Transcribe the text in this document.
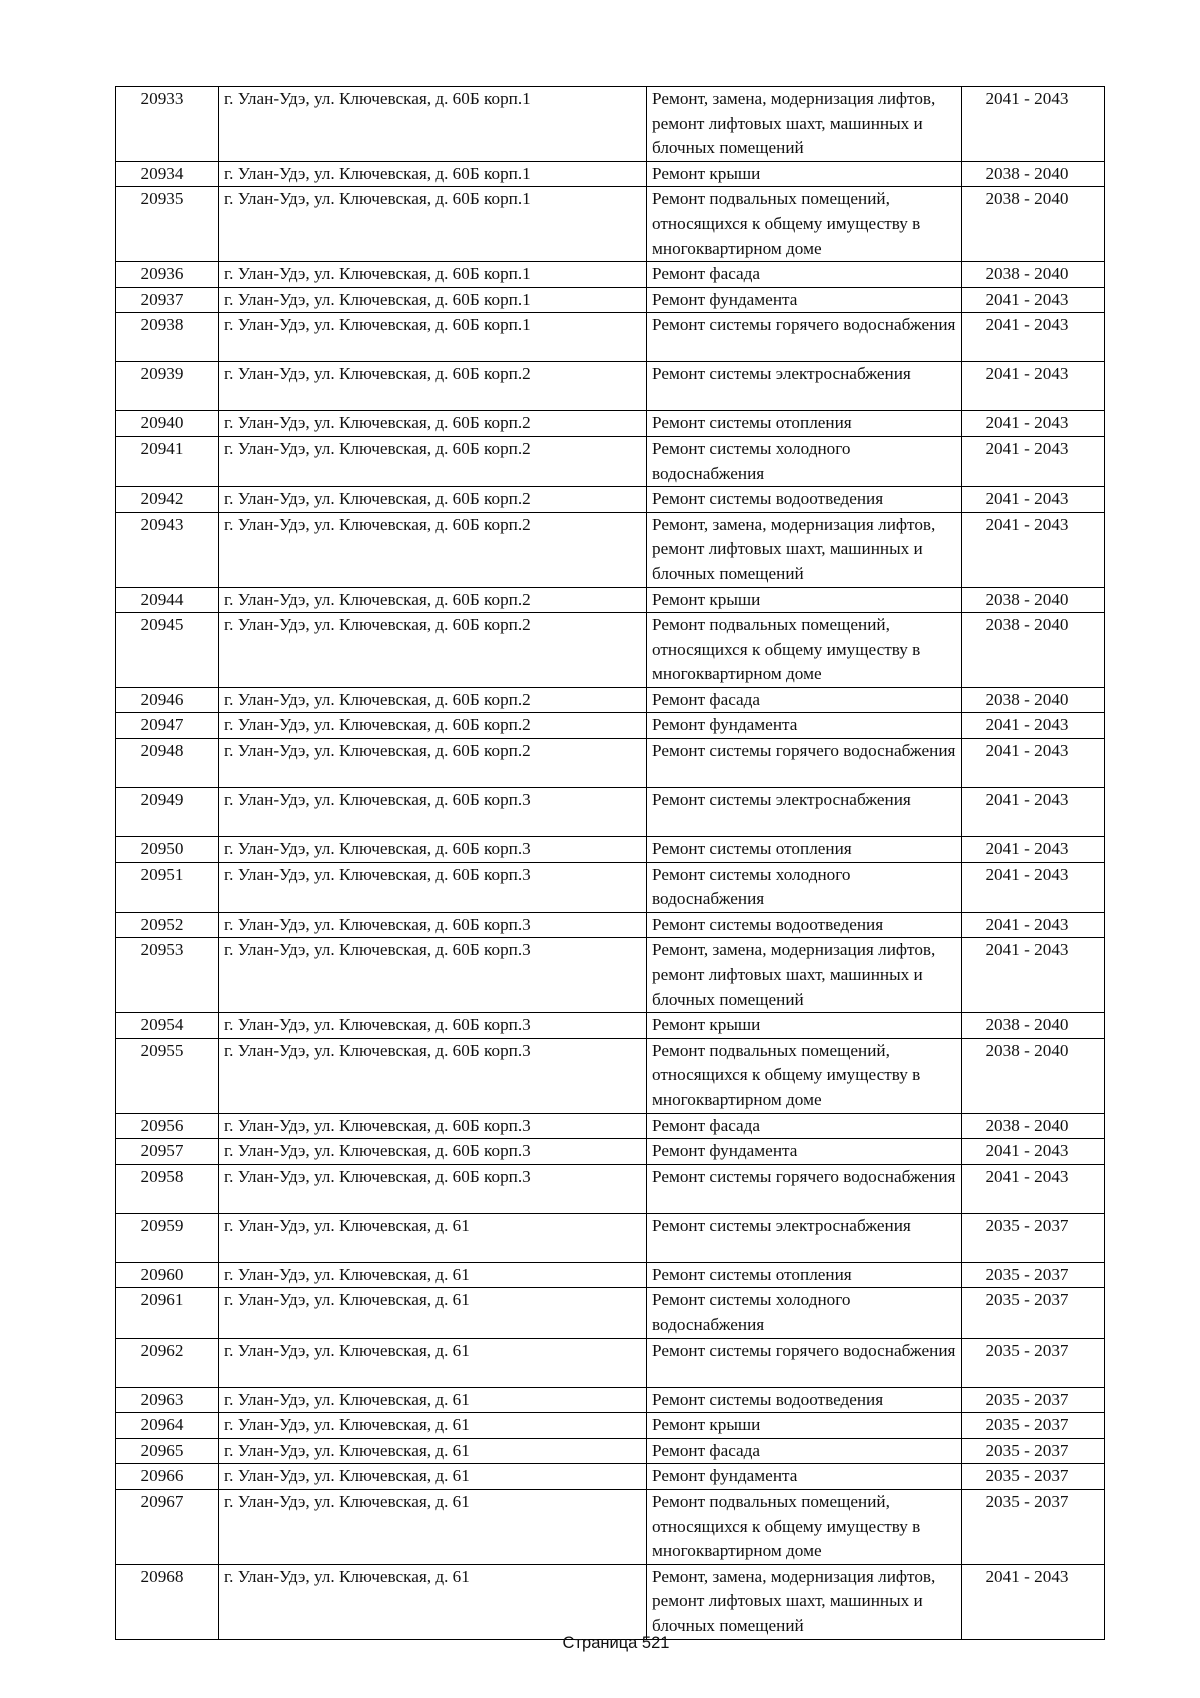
20933	г. Улан-Удэ, ул. Ключевская, д. 60Б корп.1	Ремонт, замена, модернизация лифтов, ремонт лифтовых шахт, машинных и блочных помещений	2041 - 2043
20934	г. Улан-Удэ, ул. Ключевская, д. 60Б корп.1	Ремонт крыши	2038 - 2040
20935	г. Улан-Удэ, ул. Ключевская, д. 60Б корп.1	Ремонт подвальных помещений, относящихся к общему имуществу в многоквартирном доме	2038 - 2040
20936	г. Улан-Удэ, ул. Ключевская, д. 60Б корп.1	Ремонт фасада	2038 - 2040
20937	г. Улан-Удэ, ул. Ключевская, д. 60Б корп.1	Ремонт фундамента	2041 - 2043
20938	г. Улан-Удэ, ул. Ключевская, д. 60Б корп.1	Ремонт системы горячего водоснабжения	2041 - 2043
20939	г. Улан-Удэ, ул. Ключевская, д. 60Б корп.2	Ремонт системы электроснабжения	2041 - 2043
20940	г. Улан-Удэ, ул. Ключевская, д. 60Б корп.2	Ремонт системы отопления	2041 - 2043
20941	г. Улан-Удэ, ул. Ключевская, д. 60Б корп.2	Ремонт системы холодного водоснабжения	2041 - 2043
20942	г. Улан-Удэ, ул. Ключевская, д. 60Б корп.2	Ремонт системы водоотведения	2041 - 2043
20943	г. Улан-Удэ, ул. Ключевская, д. 60Б корп.2	Ремонт, замена, модернизация лифтов, ремонт лифтовых шахт, машинных и блочных помещений	2041 - 2043
20944	г. Улан-Удэ, ул. Ключевская, д. 60Б корп.2	Ремонт крыши	2038 - 2040
20945	г. Улан-Удэ, ул. Ключевская, д. 60Б корп.2	Ремонт подвальных помещений, относящихся к общему имуществу в многоквартирном доме	2038 - 2040
20946	г. Улан-Удэ, ул. Ключевская, д. 60Б корп.2	Ремонт фасада	2038 - 2040
20947	г. Улан-Удэ, ул. Ключевская, д. 60Б корп.2	Ремонт фундамента	2041 - 2043
20948	г. Улан-Удэ, ул. Ключевская, д. 60Б корп.2	Ремонт системы горячего водоснабжения	2041 - 2043
20949	г. Улан-Удэ, ул. Ключевская, д. 60Б корп.3	Ремонт системы электроснабжения	2041 - 2043
20950	г. Улан-Удэ, ул. Ключевская, д. 60Б корп.3	Ремонт системы отопления	2041 - 2043
20951	г. Улан-Удэ, ул. Ключевская, д. 60Б корп.3	Ремонт системы холодного водоснабжения	2041 - 2043
20952	г. Улан-Удэ, ул. Ключевская, д. 60Б корп.3	Ремонт системы водоотведения	2041 - 2043
20953	г. Улан-Удэ, ул. Ключевская, д. 60Б корп.3	Ремонт, замена, модернизация лифтов, ремонт лифтовых шахт, машинных и блочных помещений	2041 - 2043
20954	г. Улан-Удэ, ул. Ключевская, д. 60Б корп.3	Ремонт крыши	2038 - 2040
20955	г. Улан-Удэ, ул. Ключевская, д. 60Б корп.3	Ремонт подвальных помещений, относящихся к общему имуществу в многоквартирном доме	2038 - 2040
20956	г. Улан-Удэ, ул. Ключевская, д. 60Б корп.3	Ремонт фасада	2038 - 2040
20957	г. Улан-Удэ, ул. Ключевская, д. 60Б корп.3	Ремонт фундамента	2041 - 2043
20958	г. Улан-Удэ, ул. Ключевская, д. 60Б корп.3	Ремонт системы горячего водоснабжения	2041 - 2043
20959	г. Улан-Удэ, ул. Ключевская, д. 61	Ремонт системы электроснабжения	2035 - 2037
20960	г. Улан-Удэ, ул. Ключевская, д. 61	Ремонт системы отопления	2035 - 2037
20961	г. Улан-Удэ, ул. Ключевская, д. 61	Ремонт системы холодного водоснабжения	2035 - 2037
20962	г. Улан-Удэ, ул. Ключевская, д. 61	Ремонт системы горячего водоснабжения	2035 - 2037
20963	г. Улан-Удэ, ул. Ключевская, д. 61	Ремонт системы водоотведения	2035 - 2037
20964	г. Улан-Удэ, ул. Ключевская, д. 61	Ремонт крыши	2035 - 2037
20965	г. Улан-Удэ, ул. Ключевская, д. 61	Ремонт фасада	2035 - 2037
20966	г. Улан-Удэ, ул. Ключевская, д. 61	Ремонт фундамента	2035 - 2037
20967	г. Улан-Удэ, ул. Ключевская, д. 61	Ремонт подвальных помещений, относящихся к общему имуществу в многоквартирном доме	2035 - 2037
20968	г. Улан-Удэ, ул. Ключевская, д. 61	Ремонт, замена, модернизация лифтов, ремонт лифтовых шахт, машинных и блочных помещений	2041 - 2043
Страница 521
